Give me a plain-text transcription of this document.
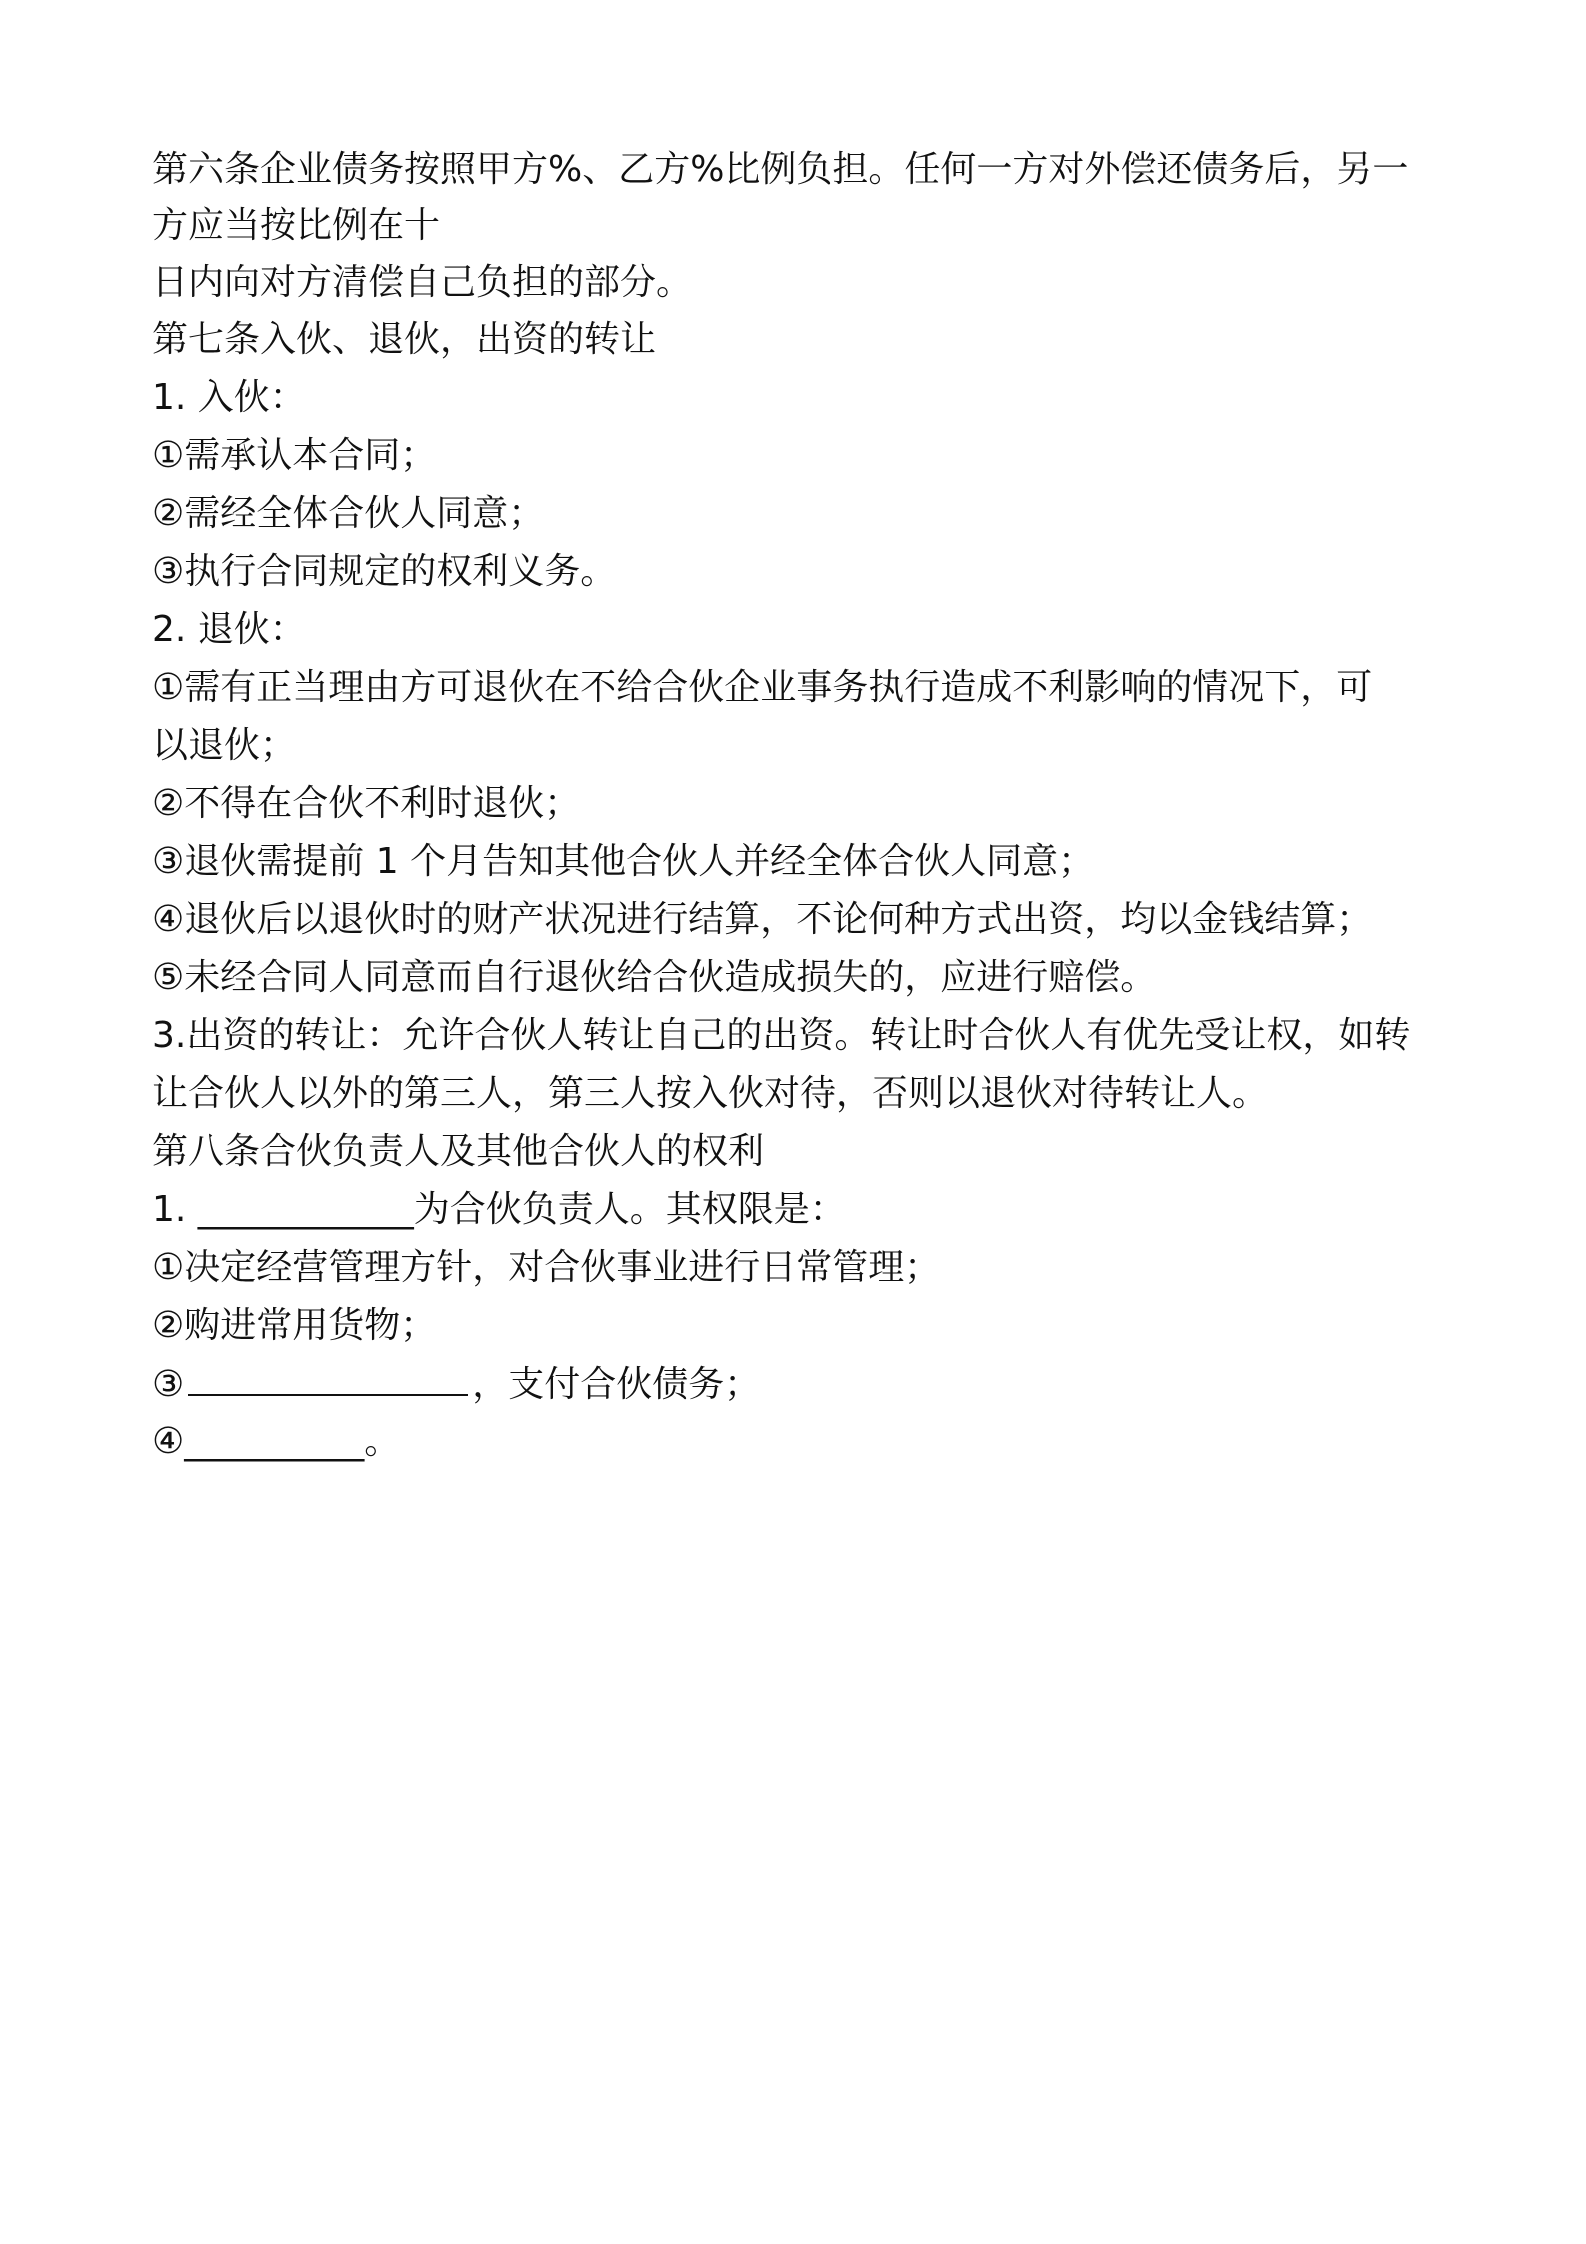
第六条企业债务按照甲方%、乙方%比例负担。任何一方对外偿还债务后，另一

方应当按比例在十

日内向对方清偿自己负担的部分。

第七条入伙、退伙，出资的转让

1. 入伙：

①需承认本合同；

②需经全体合伙人同意；

③执行合同规定的权利义务。

2. 退伙：

①需有正当理由方可退伙在不给合伙企业事务执行造成不利影响的情况下，可

以退伙；

②不得在合伙不利时退伙；

③退伙需提前 1 个月告知其他合伙人并经全体合伙人同意；

④退伙后以退伙时的财产状况进行结算，不论何种方式出资，均以金钱结算；

⑤未经合同人同意而自行退伙给合伙造成损失的，应进行赔偿。

3.出资的转让：允许合伙人转让自己的出资。转让时合伙人有优先受让权，如转

让合伙人以外的第三人，第三人按入伙对待，否则以退伙对待转让人。

第八条合伙负责人及其他合伙人的权利

1. ____________为合伙负责人。其权限是：

①决定经营管理方针，对合伙事业进行日常管理；

②购进常用货物；

③	，支付合伙债务；

④__________。
